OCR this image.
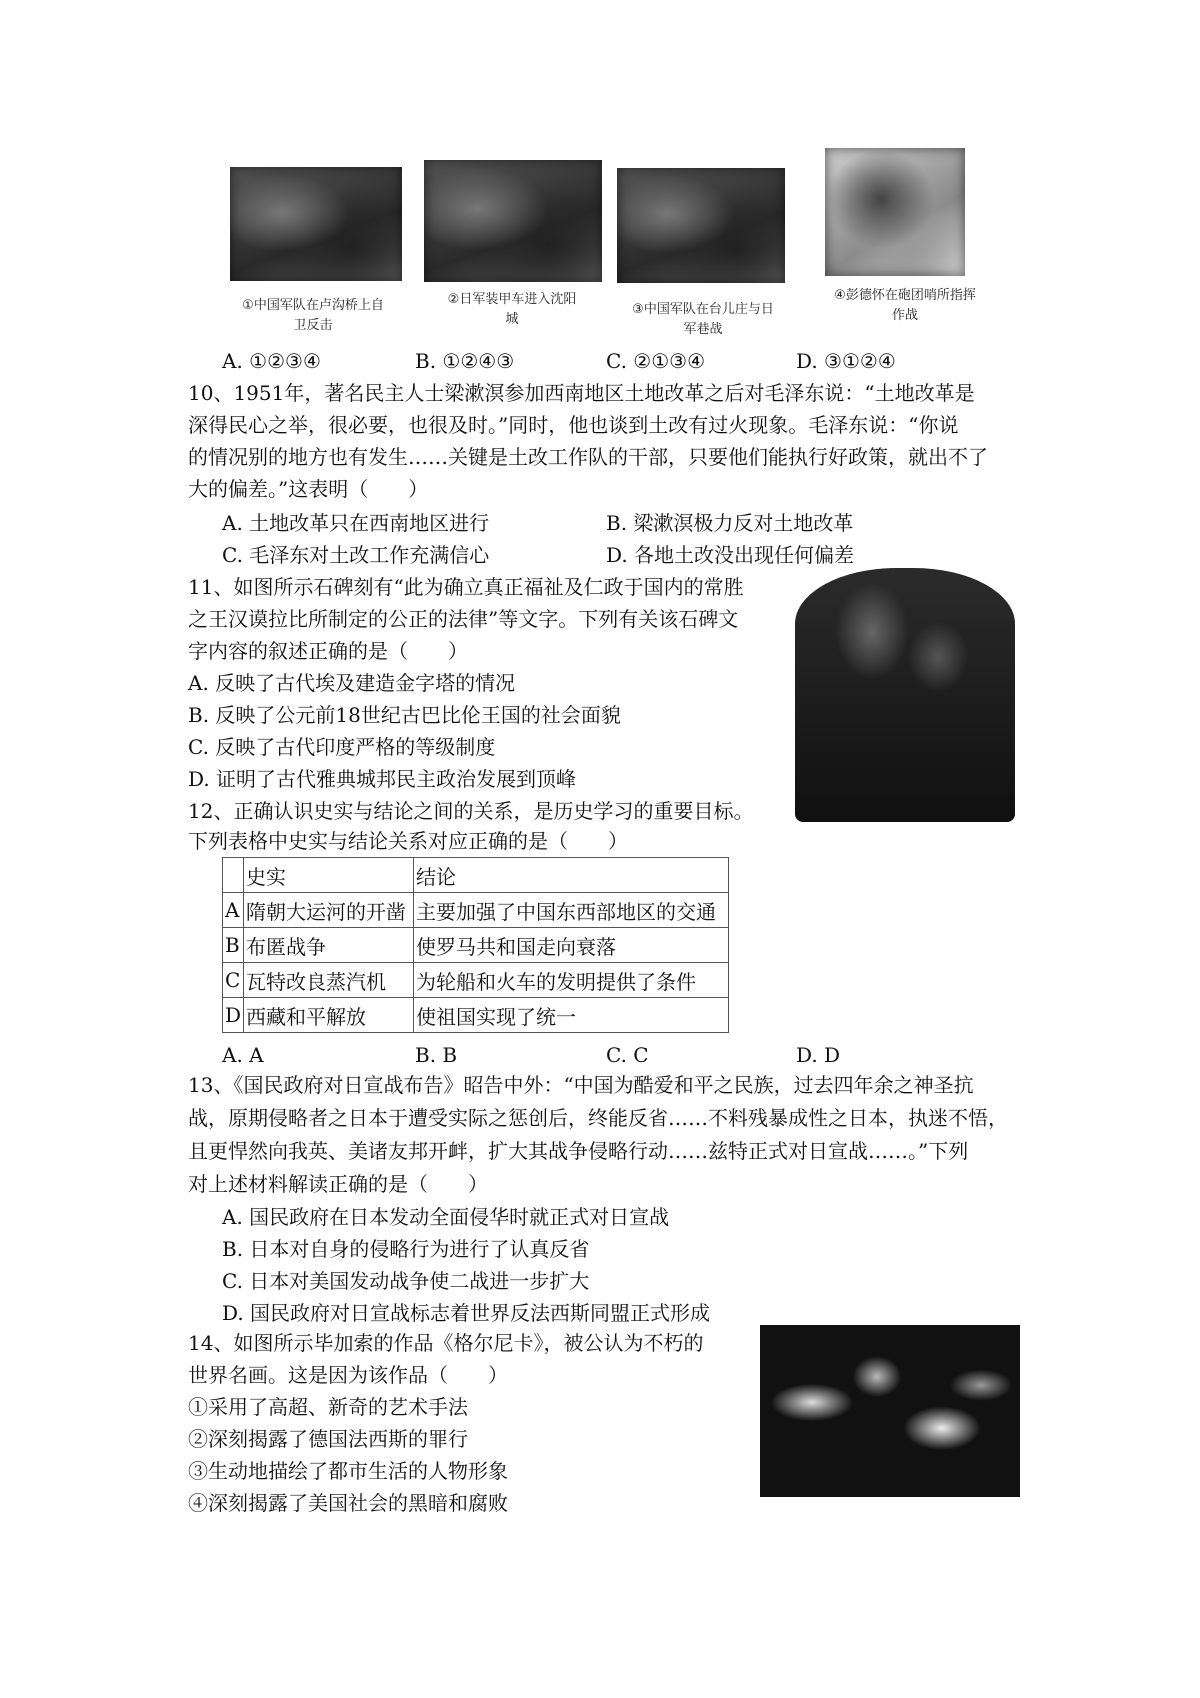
①中国军队在卢沟桥上自卫反击
②日军装甲车进入沈阳城
③中国军队在台儿庄与日军巷战
④彭德怀在砲团哨所指挥作战
A. ①②③④	B. ①②④③	C. ②①③④	D. ③①②④
10、1951年，著名民主人士梁漱溟参加西南地区土地改革之后对毛泽东说：“土地改革是
深得民心之举，很必要，也很及时。”同时，他也谈到土改有过火现象。毛泽东说：“你说
的情况别的地方也有发生……关键是土改工作队的干部，只要他们能执行好政策，就出不了
大的偏差。”这表明（　　）
A. 土地改革只在西南地区进行	B. 梁漱溟极力反对土地改革
C. 毛泽东对土改工作充满信心	D. 各地土改没出现任何偏差
11、如图所示石碑刻有“此为确立真正福祉及仁政于国内的常胜
之王汉谟拉比所制定的公正的法律”等文字。下列有关该石碑文
字内容的叙述正确的是（　　）
A. 反映了古代埃及建造金字塔的情况
B. 反映了公元前18世纪古巴比伦王国的社会面貌
C. 反映了古代印度严格的等级制度
D. 证明了古代雅典城邦民主政治发展到顶峰
12、正确认识史实与结论之间的关系，是历史学习的重要目标。
下列表格中史实与结论关系对应正确的是（　　）
	史实	结论
A	隋朝大运河的开凿	主要加强了中国东西部地区的交通
B	布匿战争	使罗马共和国走向衰落
C	瓦特改良蒸汽机	为轮船和火车的发明提供了条件
D	西藏和平解放	使祖国实现了统一
A. A	B. B	C. C	D. D
13、《国民政府对日宣战布告》昭告中外：“中国为酷爱和平之民族，过去四年余之神圣抗
战，原期侵略者之日本于遭受实际之惩创后，终能反省……不料残暴成性之日本，执迷不悟，
且更悍然向我英、美诸友邦开衅，扩大其战争侵略行动……兹特正式对日宣战……。”下列
对上述材料解读正确的是（　　）
A. 国民政府在日本发动全面侵华时就正式对日宣战
B. 日本对自身的侵略行为进行了认真反省
C. 日本对美国发动战争使二战进一步扩大
D. 国民政府对日宣战标志着世界反法西斯同盟正式形成
14、如图所示毕加索的作品《格尔尼卡》，被公认为不朽的
世界名画。这是因为该作品（　　）
①采用了高超、新奇的艺术手法
②深刻揭露了德国法西斯的罪行
③生动地描绘了都市生活的人物形象
④深刻揭露了美国社会的黑暗和腐败
